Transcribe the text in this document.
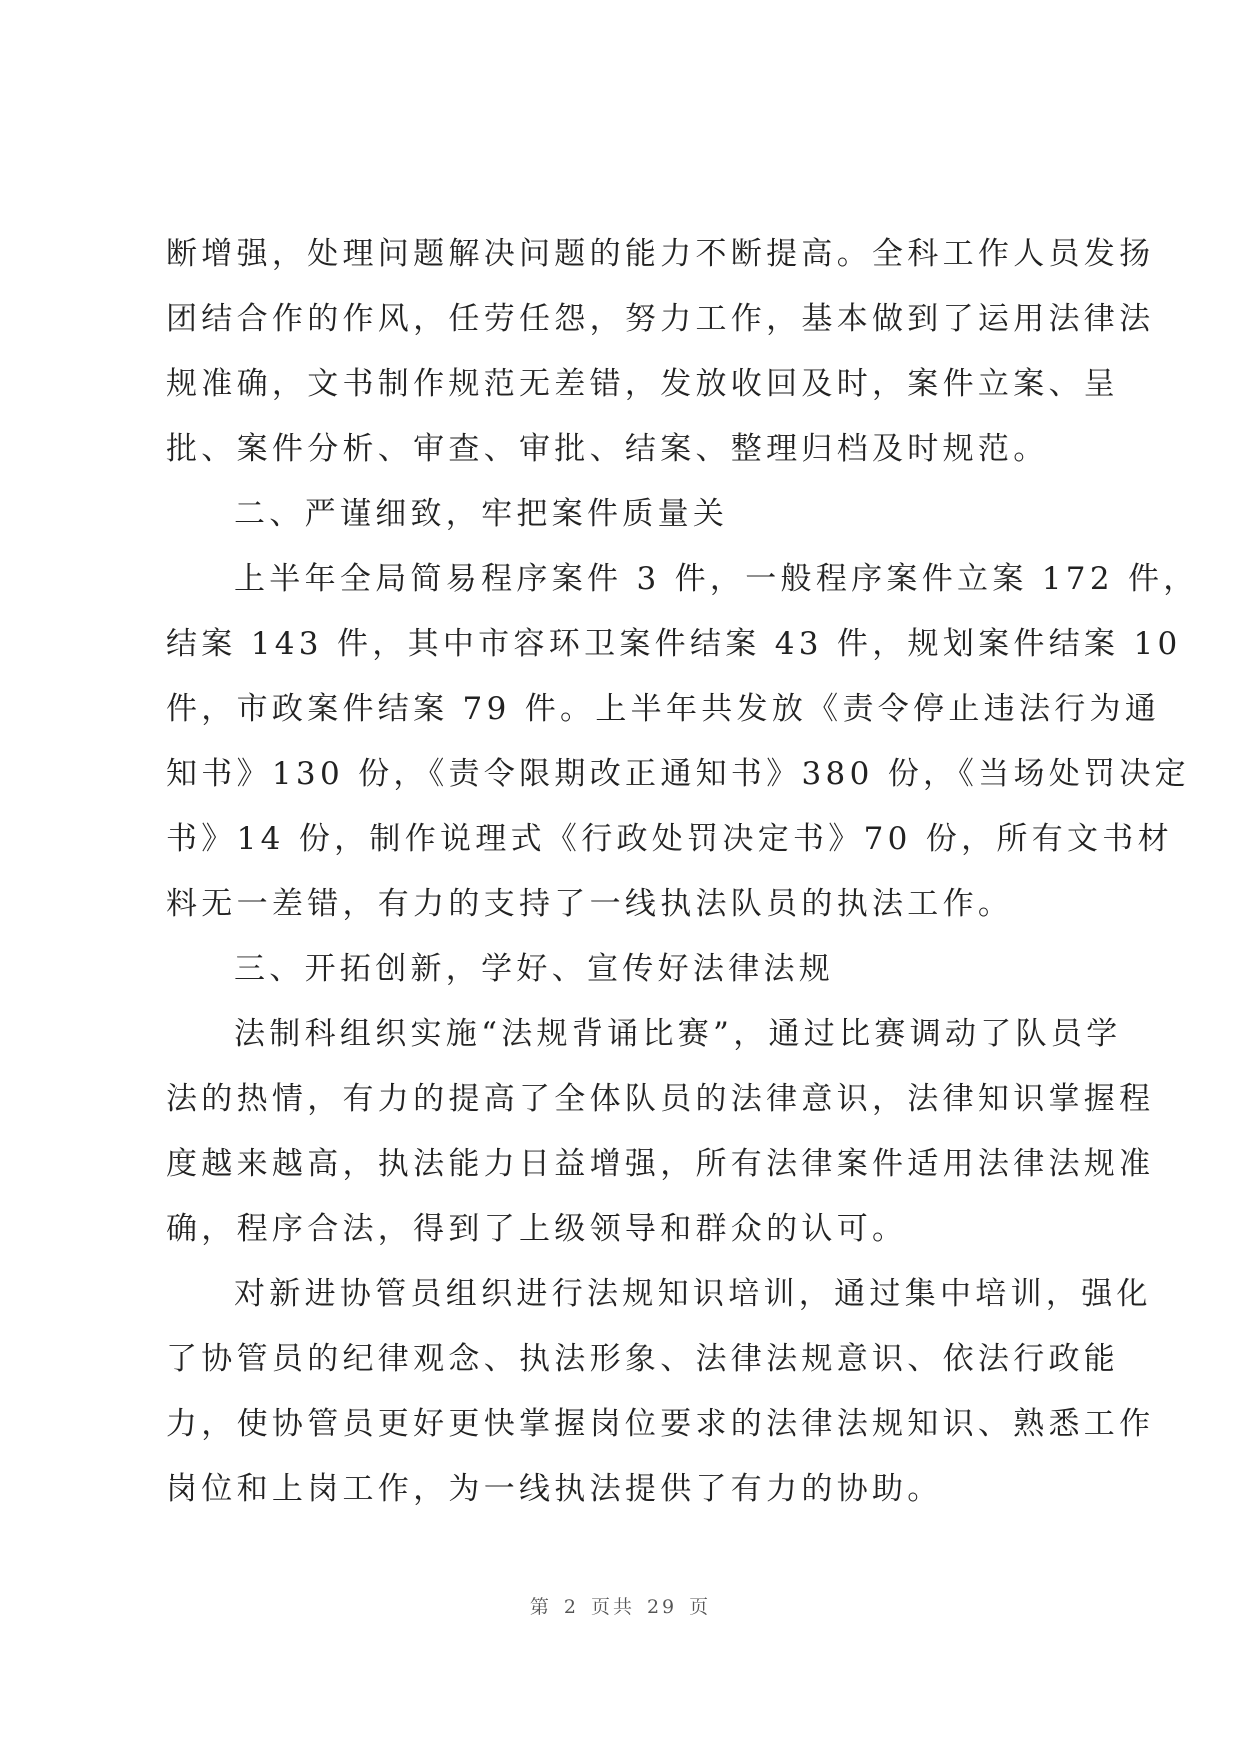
断增强，处理问题解决问题的能力不断提高。全科工作人员发扬
团结合作的作风，任劳任怨，努力工作，基本做到了运用法律法
规准确，文书制作规范无差错，发放收回及时，案件立案、呈
批、案件分析、审查、审批、结案、整理归档及时规范。
二、严谨细致，牢把案件质量关
上半年全局简易程序案件 3 件，一般程序案件立案 172 件，
结案 143 件，其中市容环卫案件结案 43 件，规划案件结案 10
件，市政案件结案 79 件。上半年共发放《责令停止违法行为通
知书》130 份，《责令限期改正通知书》380 份，《当场处罚决定
书》14 份，制作说理式《行政处罚决定书》70 份，所有文书材
料无一差错，有力的支持了一线执法队员的执法工作。
三、开拓创新，学好、宣传好法律法规
法制科组织实施“法规背诵比赛”，通过比赛调动了队员学
法的热情，有力的提高了全体队员的法律意识，法律知识掌握程
度越来越高，执法能力日益增强，所有法律案件适用法律法规准
确，程序合法，得到了上级领导和群众的认可。
对新进协管员组织进行法规知识培训，通过集中培训，强化
了协管员的纪律观念、执法形象、法律法规意识、依法行政能
力，使协管员更好更快掌握岗位要求的法律法规知识、熟悉工作
岗位和上岗工作，为一线执法提供了有力的协助。
第 2 页共 29 页
